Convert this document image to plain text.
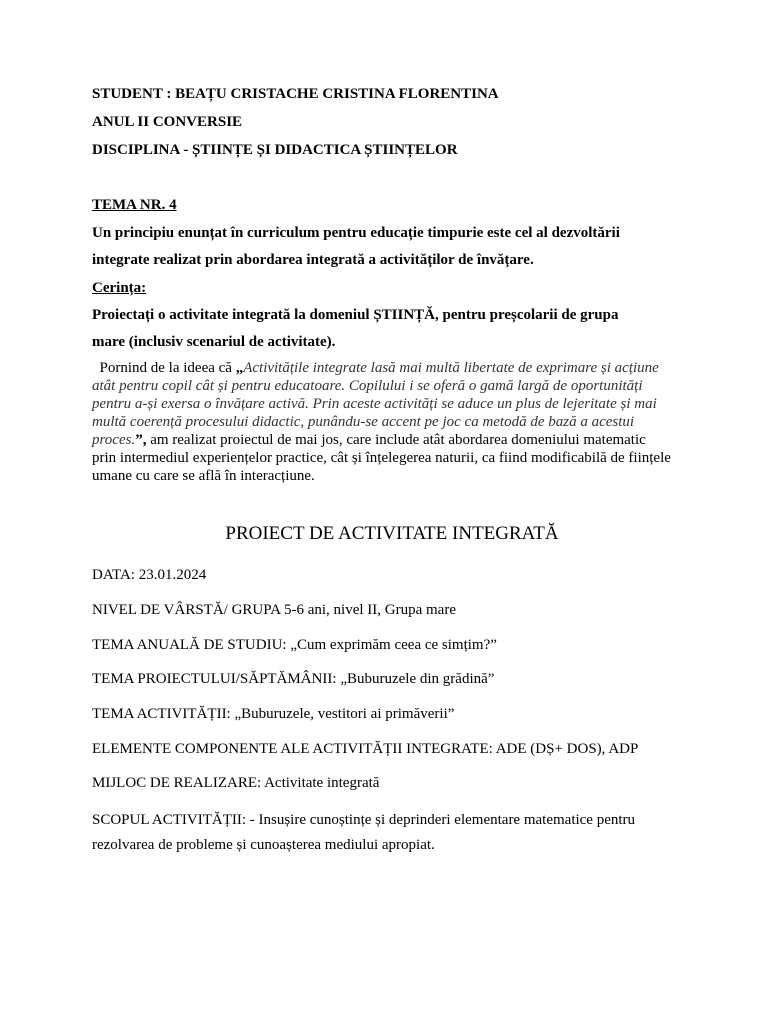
STUDENT : BEAȚU CRISTACHE CRISTINA FLORENTINA
ANUL II CONVERSIE
DISCIPLINA - ȘTIINȚE ȘI DIDACTICA ȘTIINȚELOR
TEMA NR. 4
Un principiu enunțat în curriculum pentru educație timpurie este cel al dezvoltării
integrate realizat prin abordarea integrată a activităților de învățare.
Cerința:
Proiectați o activitate integrată la domeniul ȘTIINȚĂ, pentru preșcolarii de grupa
mare (inclusiv scenariul de activitate).
Pornind de la ideea că „Activitățile integrate lasă mai multă libertate de exprimare și acțiune atât pentru copil cât și pentru educatoare. Copilului i se oferă o gamă largă de oportunități pentru a-și exersa o învățare activă. Prin aceste activități se aduce un plus de lejeritate și mai multă coerență procesului didactic, punându-se accent pe joc ca metodă de bază a acestui proces.”, am realizat proiectul de mai jos, care include atât abordarea domeniului matematic prin intermediul experiențelor practice, cât și înțelegerea naturii, ca fiind modificabilă de ființele umane cu care se află în interacțiune.
PROIECT DE ACTIVITATE INTEGRATĂ
DATA: 23.01.2024
NIVEL DE VÂRSTĂ/ GRUPA 5-6 ani, nivel II, Grupa mare
TEMA ANUALĂ DE STUDIU: „Cum exprimăm ceea ce simțim?”
TEMA PROIECTULUI/SĂPTĂMÂNII: „Buburuzele din grădină”
TEMA ACTIVITĂȚII: „Buburuzele, vestitori ai primăverii”
ELEMENTE COMPONENTE ALE ACTIVITĂȚII INTEGRATE: ADE (DȘ+ DOS), ADP
MIJLOC DE REALIZARE: Activitate integrată
SCOPUL ACTIVITĂȚII: - Insușire cunoștințe și deprinderi elementare matematice pentru rezolvarea de probleme și cunoașterea mediului apropiat.
